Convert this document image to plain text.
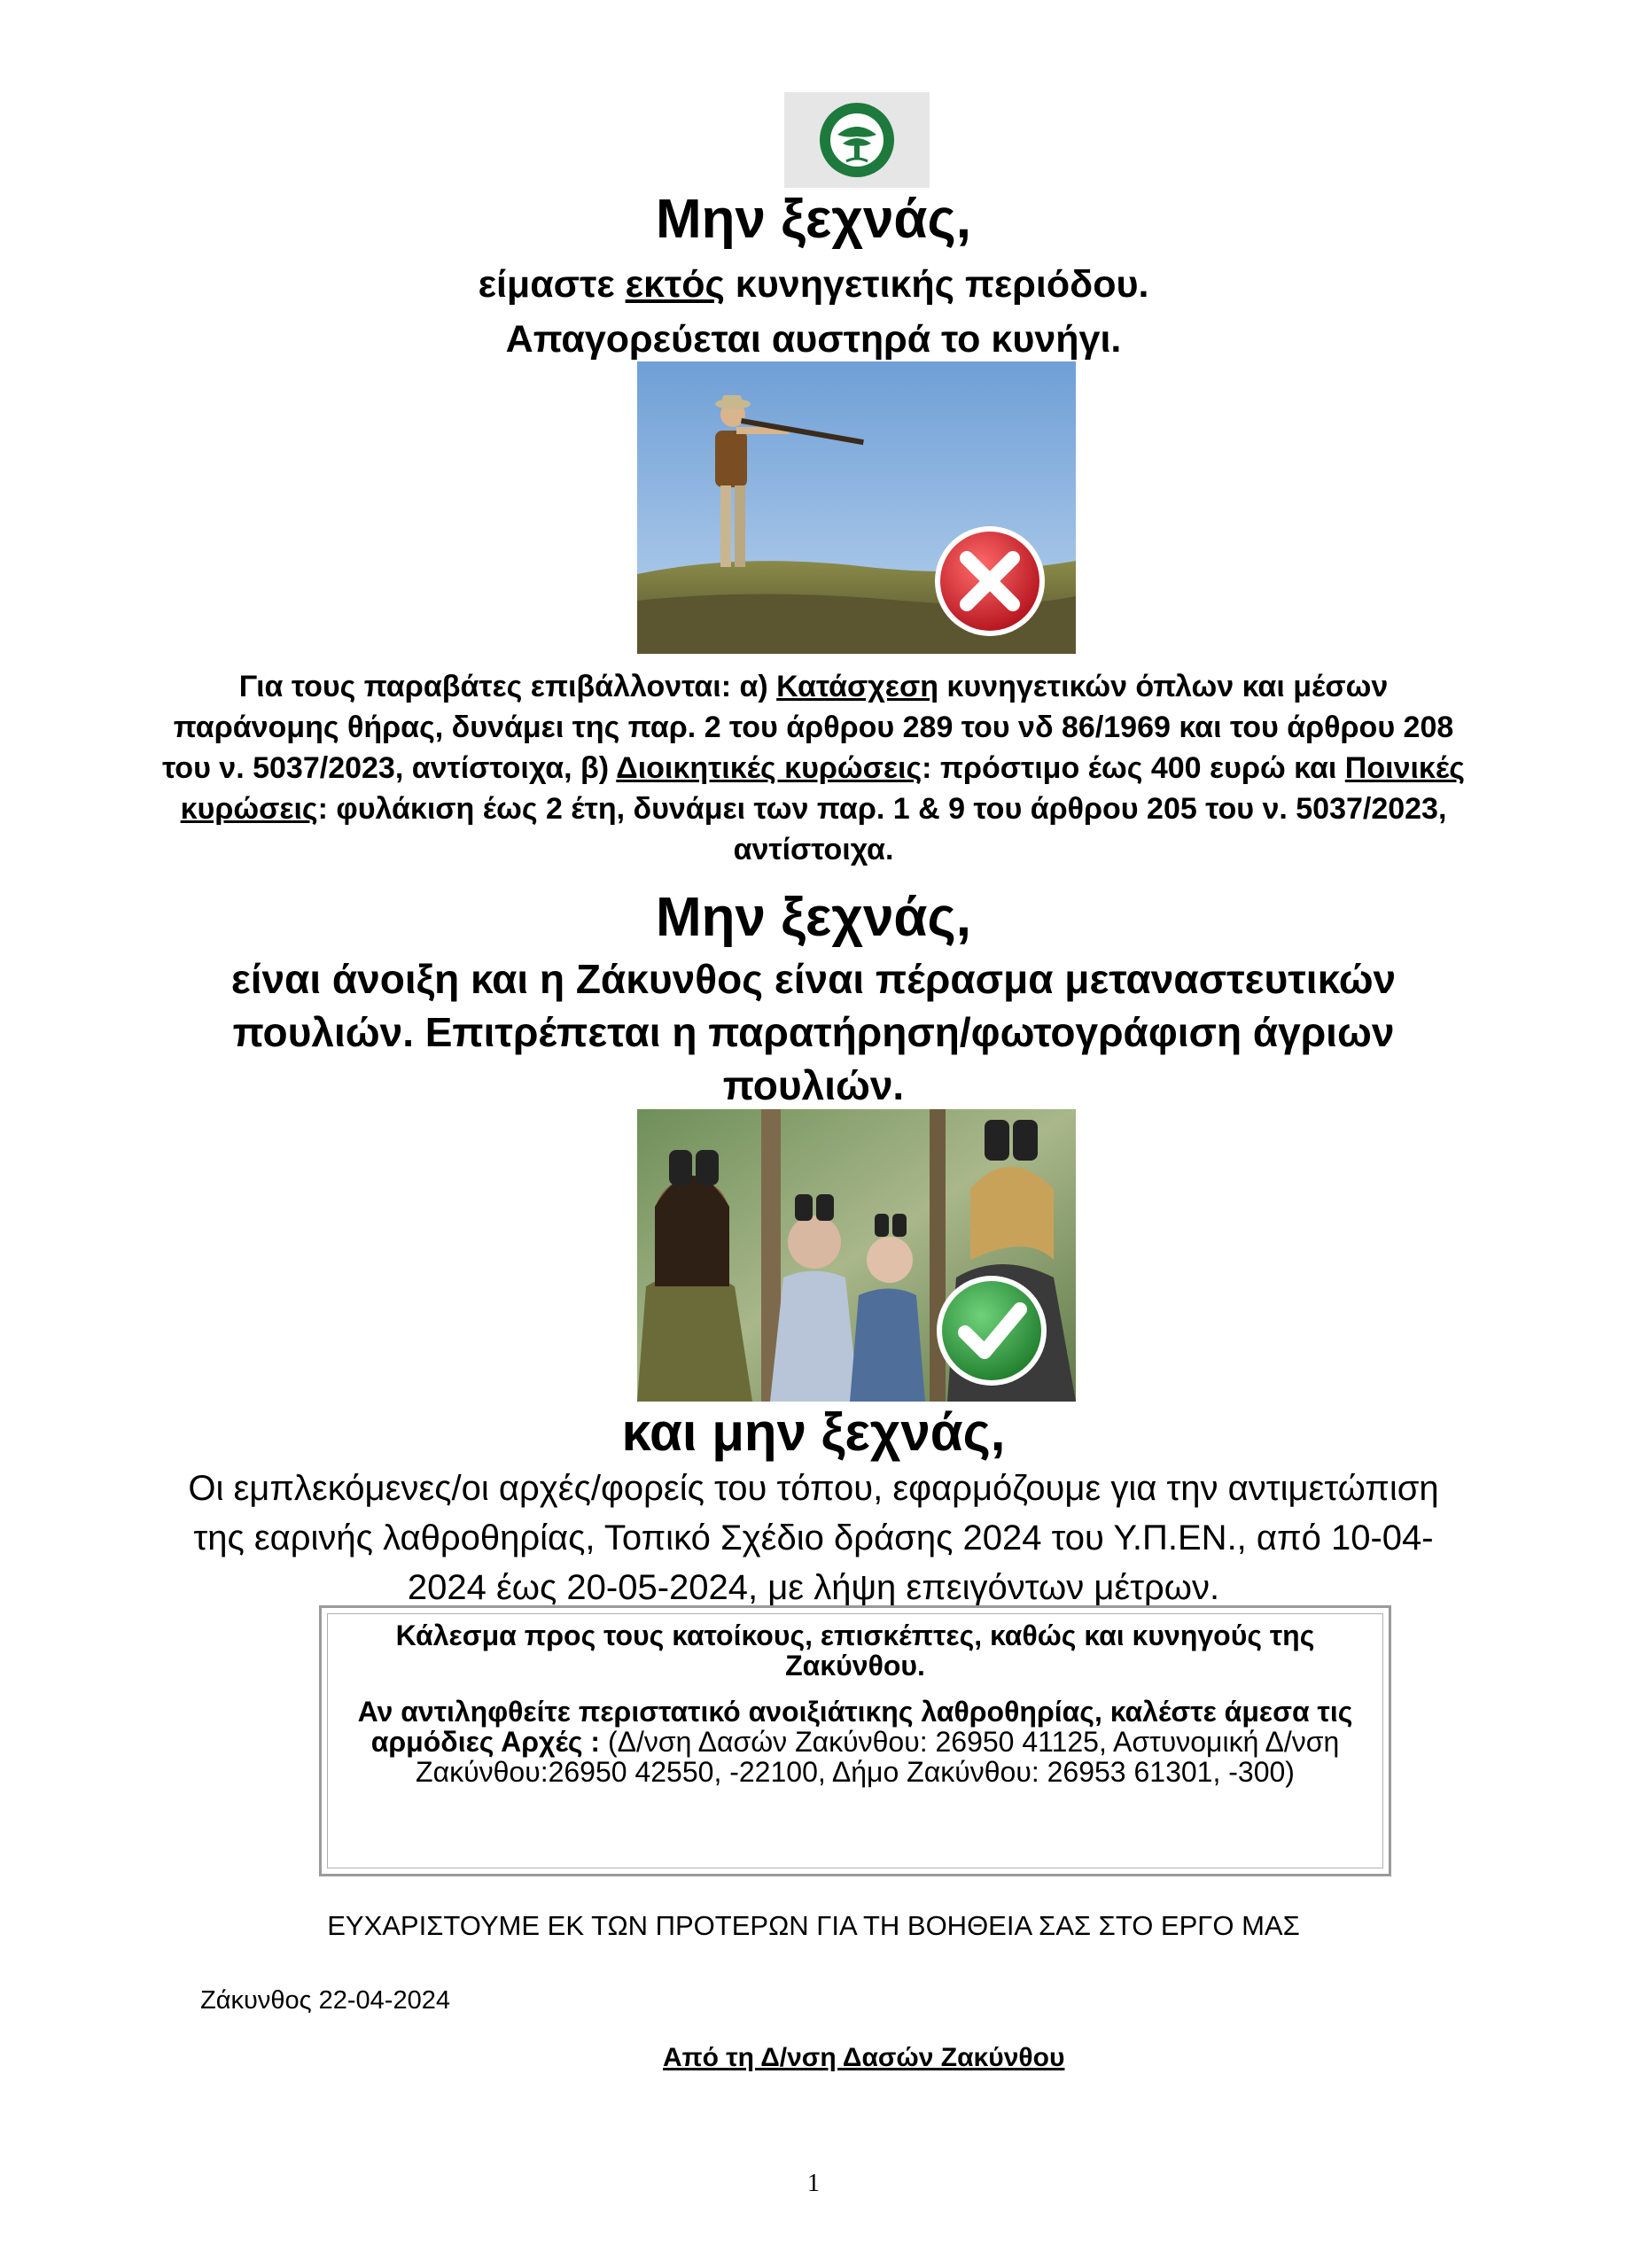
Μην ξεχνάς,
είμαστε εκτός κυνηγετικής περιόδου.
Απαγορεύεται αυστηρά το κυνήγι.
Για τους παραβάτες επιβάλλονται: α) Κατάσχεση κυνηγετικών όπλων και μέσων παράνομης θήρας, δυνάμει της παρ. 2 του άρθρου 289 του νδ 86/1969 και του άρθρου 208 του ν. 5037/2023, αντίστοιχα, β) Διοικητικές κυρώσεις: πρόστιμο έως 400 ευρώ και Ποινικές κυρώσεις: φυλάκιση έως 2 έτη, δυνάμει των παρ. 1 & 9 του άρθρου 205 του ν. 5037/2023, αντίστοιχα.
Μην ξεχνάς,
είναι άνοιξη και η Ζάκυνθος είναι πέρασμα μεταναστευτικών πουλιών. Επιτρέπεται η παρατήρηση/φωτογράφιση άγριων πουλιών.
και μην ξεχνάς,
Οι εμπλεκόμενες/οι αρχές/φορείς του τόπου, εφαρμόζουμε για την αντιμετώπιση της εαρινής λαθροθηρίας, Τοπικό Σχέδιο δράσης 2024 του Υ.Π.ΕΝ., από 10-04-2024 έως 20-05-2024, με λήψη επειγόντων μέτρων.
Κάλεσμα προς τους κατοίκους, επισκέπτες, καθώς και κυνηγούς της Ζακύνθου.
Αν αντιληφθείτε περιστατικό ανοιξιάτικης λαθροθηρίας, καλέστε άμεσα τις αρμόδιες Αρχές : (Δ/νση Δασών Ζακύνθου: 26950 41125, Αστυνομική Δ/νση Ζακύνθου:26950 42550, -22100, Δήμο Ζακύνθου: 26953 61301, -300)
ΕΥΧΑΡΙΣΤΟΥΜΕ ΕΚ ΤΩΝ ΠΡΟΤΕΡΩΝ ΓΙΑ ΤΗ ΒΟΗΘΕΙΑ ΣΑΣ ΣΤΟ ΕΡΓΟ ΜΑΣ
Ζάκυνθος 22-04-2024
Από τη Δ/νση Δασών Ζακύνθου
1
